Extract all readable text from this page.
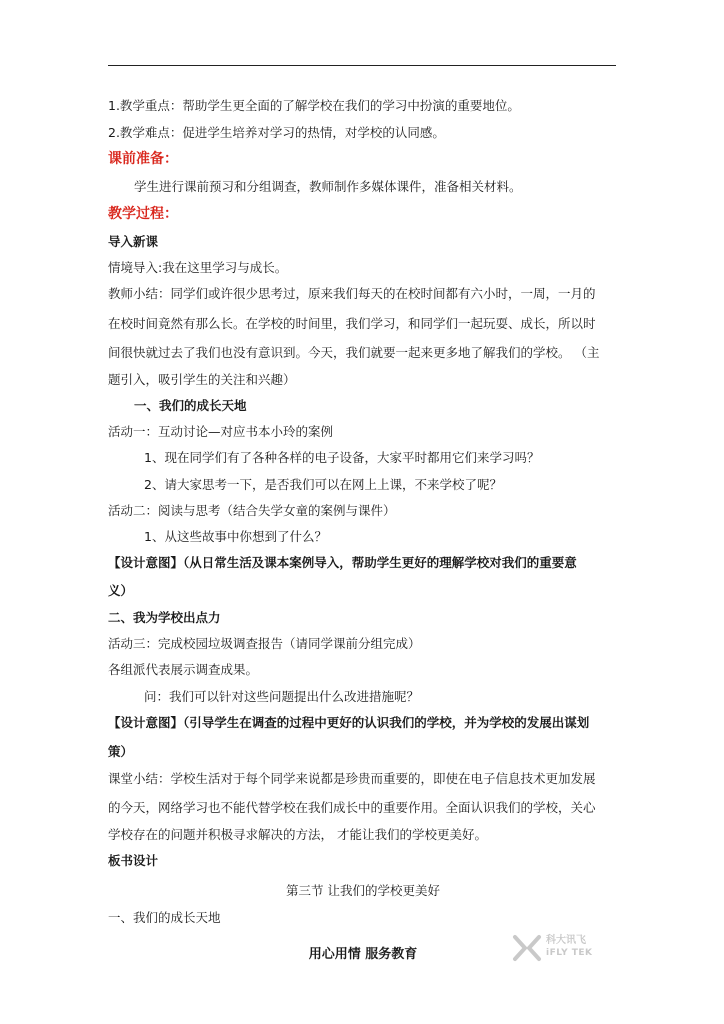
1.教学重点：帮助学生更全面的了解学校在我们的学习中扮演的重要地位。
2.教学难点：促进学生培养对学习的热情，对学校的认同感。
课前准备：
学生进行课前预习和分组调查，教师制作多媒体课件，准备相关材料。
教学过程：
导入新课
情境导入:我在这里学习与成长。
教师小结：同学们或许很少思考过，原来我们每天的在校时间都有六小时，一周，一月的
在校时间竟然有那么长。在学校的时间里，我们学习，和同学们一起玩耍、成长，所以时
间很快就过去了我们也没有意识到。今天，我们就要一起来更多地了解我们的学校。 （主
题引入，吸引学生的关注和兴趣）
一、我们的成长天地
活动一：互动讨论—对应书本小玲的案例
1、现在同学们有了各种各样的电子设备，大家平时都用它们来学习吗？
2、请大家思考一下，是否我们可以在网上上课，不来学校了呢？
活动二：阅读与思考（结合失学女童的案例与课件）
1、从这些故事中你想到了什么？
【设计意图】（从日常生活及课本案例导入，帮助学生更好的理解学校对我们的重要意
义）
二、我为学校出点力
活动三：完成校园垃圾调查报告（请同学课前分组完成）
各组派代表展示调查成果。
问：我们可以针对这些问题提出什么改进措施呢？
【设计意图】（引导学生在调查的过程中更好的认识我们的学校，并为学校的发展出谋划
策）
课堂小结：学校生活对于每个同学来说都是珍贵而重要的，即使在电子信息技术更加发展
的今天，网络学习也不能代替学校在我们成长中的重要作用。全面认识我们的学校，关心
学校存在的问题并积极寻求解决的方法， 才能让我们的学校更美好。
板书设计
第三节 让我们的学校更美好
一、我们的成长天地
用心用情 服务教育
科大讯飞
iFLY TEK
